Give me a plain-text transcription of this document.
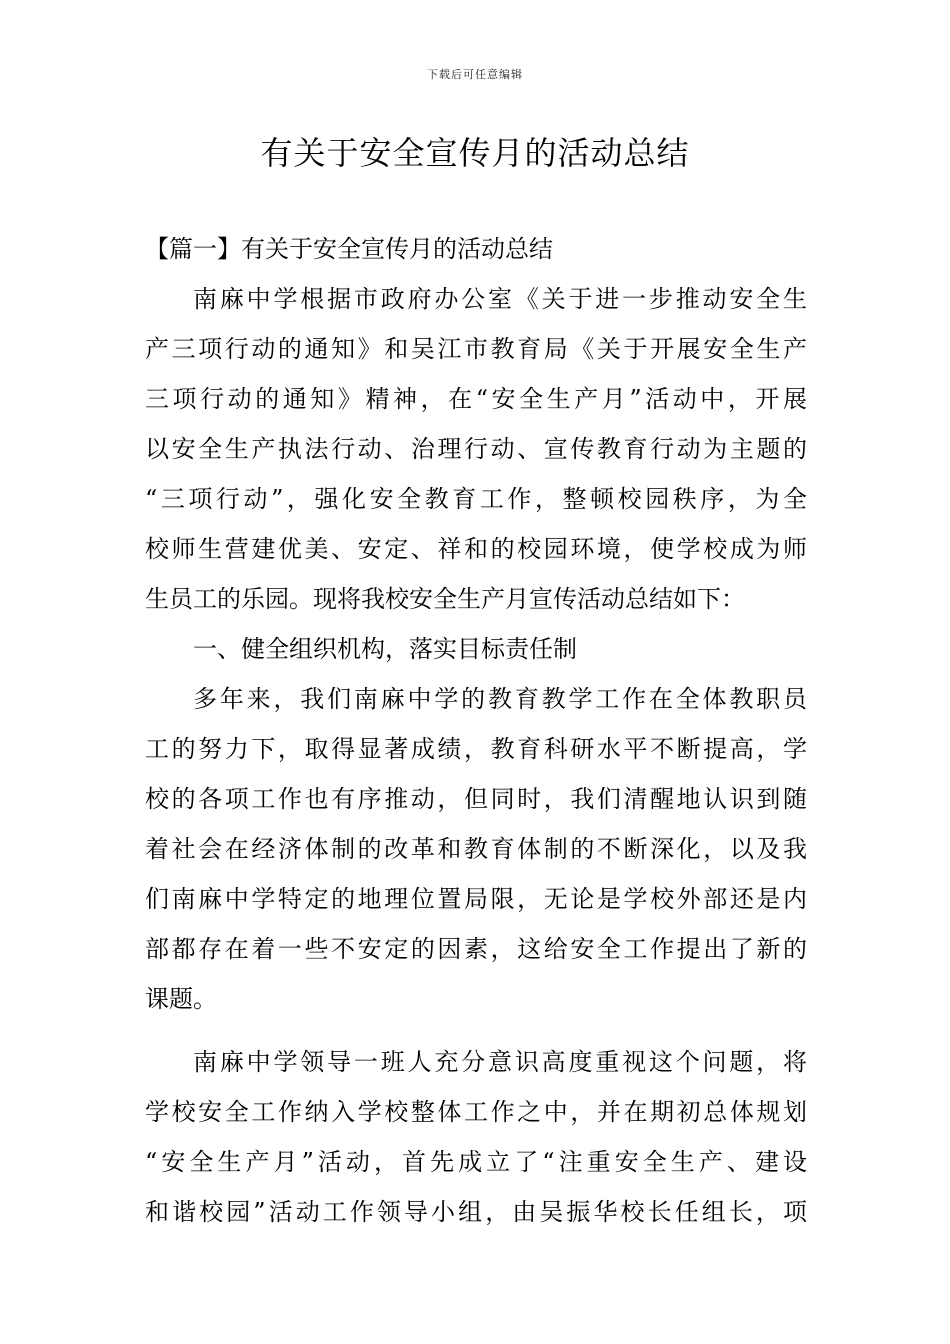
下载后可任意编辑
有关于安全宣传月的活动总结
【篇一】有关于安全宣传月的活动总结
南麻中学根据市政府办公室《关于进一步推动安全生
产三项行动的通知》和吴江市教育局《关于开展安全生产
三项行动的通知》精神，在“安全生产月”活动中，开展
以安全生产执法行动、治理行动、宣传教育行动为主题的
“三项行动”，强化安全教育工作，整顿校园秩序，为全
校师生营建优美、安定、祥和的校园环境，使学校成为师
生员工的乐园。现将我校安全生产月宣传活动总结如下：
一、健全组织机构，落实目标责任制
多年来，我们南麻中学的教育教学工作在全体教职员
工的努力下，取得显著成绩，教育科研水平不断提高，学
校的各项工作也有序推动，但同时，我们清醒地认识到随
着社会在经济体制的改革和教育体制的不断深化，以及我
们南麻中学特定的地理位置局限，无论是学校外部还是内
部都存在着一些不安定的因素，这给安全工作提出了新的
课题。
南麻中学领导一班人充分意识高度重视这个问题，将
学校安全工作纳入学校整体工作之中，并在期初总体规划
“安全生产月”活动，首先成立了“注重安全生产、建设
和谐校园”活动工作领导小组，由吴振华校长任组长，项
